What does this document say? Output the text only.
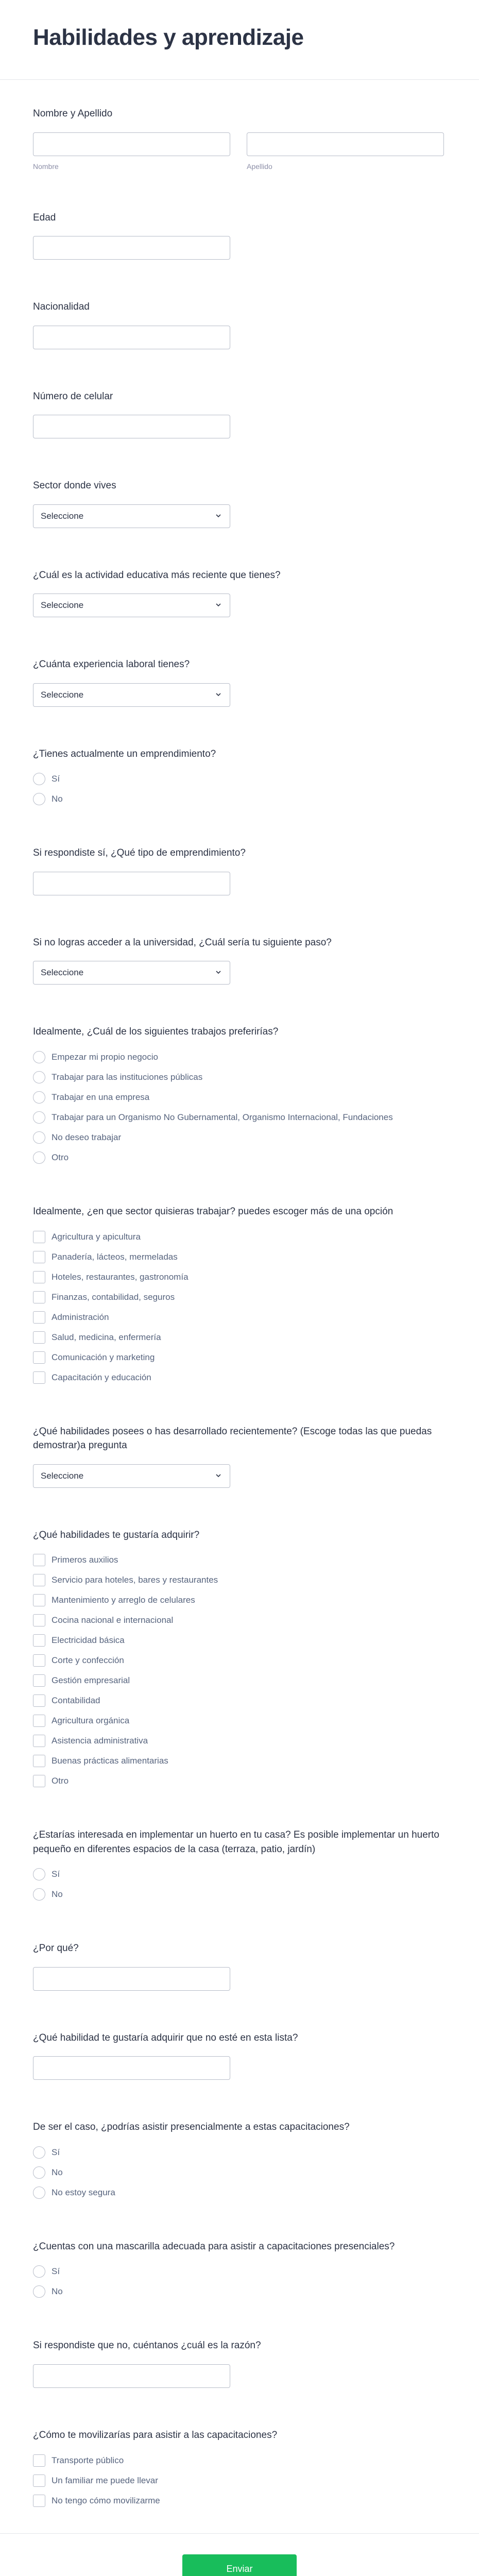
Habilidades y aprendizaje
Nombre y Apellido
Nombre	Apellido
Edad
Nacionalidad
Número de celular
Sector donde vives
Seleccione
¿Cuál es la actividad educativa más reciente que tienes?
Seleccione
¿Cuánta experiencia laboral tienes?
Seleccione
¿Tienes actualmente un emprendimiento?
Sí
No
Si respondiste sí, ¿Qué tipo de emprendimiento?
Si no logras acceder a la universidad, ¿Cuál sería tu siguiente paso?
Seleccione
Idealmente, ¿Cuál de los siguientes trabajos preferirías?
Empezar mi propio negocio
Trabajar para las instituciones públicas
Trabajar en una empresa
Trabajar para un Organismo No Gubernamental, Organismo Internacional, Fundaciones
No deseo trabajar
Otro
Idealmente, ¿en que sector quisieras trabajar? puedes escoger más de una opción
Agricultura y apicultura
Panadería, lácteos, mermeladas
Hoteles, restaurantes, gastronomía
Finanzas, contabilidad, seguros
Administración
Salud, medicina, enfermería
Comunicación y marketing
Capacitación y educación
¿Qué habilidades posees o has desarrollado recientemente? (Escoge todas las que puedas demostrar)a pregunta
Seleccione
¿Qué habilidades te gustaría adquirir?
Primeros auxilios
Servicio para hoteles, bares y restaurantes
Mantenimiento y arreglo de celulares
Cocina nacional e internacional
Electricidad básica
Corte y confección
Gestión empresarial
Contabilidad
Agricultura orgánica
Asistencia administrativa
Buenas prácticas alimentarias
Otro
¿Estarías interesada en implementar un huerto en tu casa? Es posible implementar un huerto pequeño en diferentes espacios de la casa (terraza, patio, jardín)
Sí
No
¿Por qué?
¿Qué habilidad te gustaría adquirir que no esté en esta lista?
De ser el caso, ¿podrías asistir presencialmente a estas capacitaciones?
Sí
No
No estoy segura
¿Cuentas con una mascarilla adecuada para asistir a capacitaciones presenciales?
Sí
No
Si respondiste que no, cuéntanos ¿cuál es la razón?
¿Cómo te movilizarías para asistir a las capacitaciones?
Transporte público
Un familiar me puede llevar
No tengo cómo movilizarme
Enviar
